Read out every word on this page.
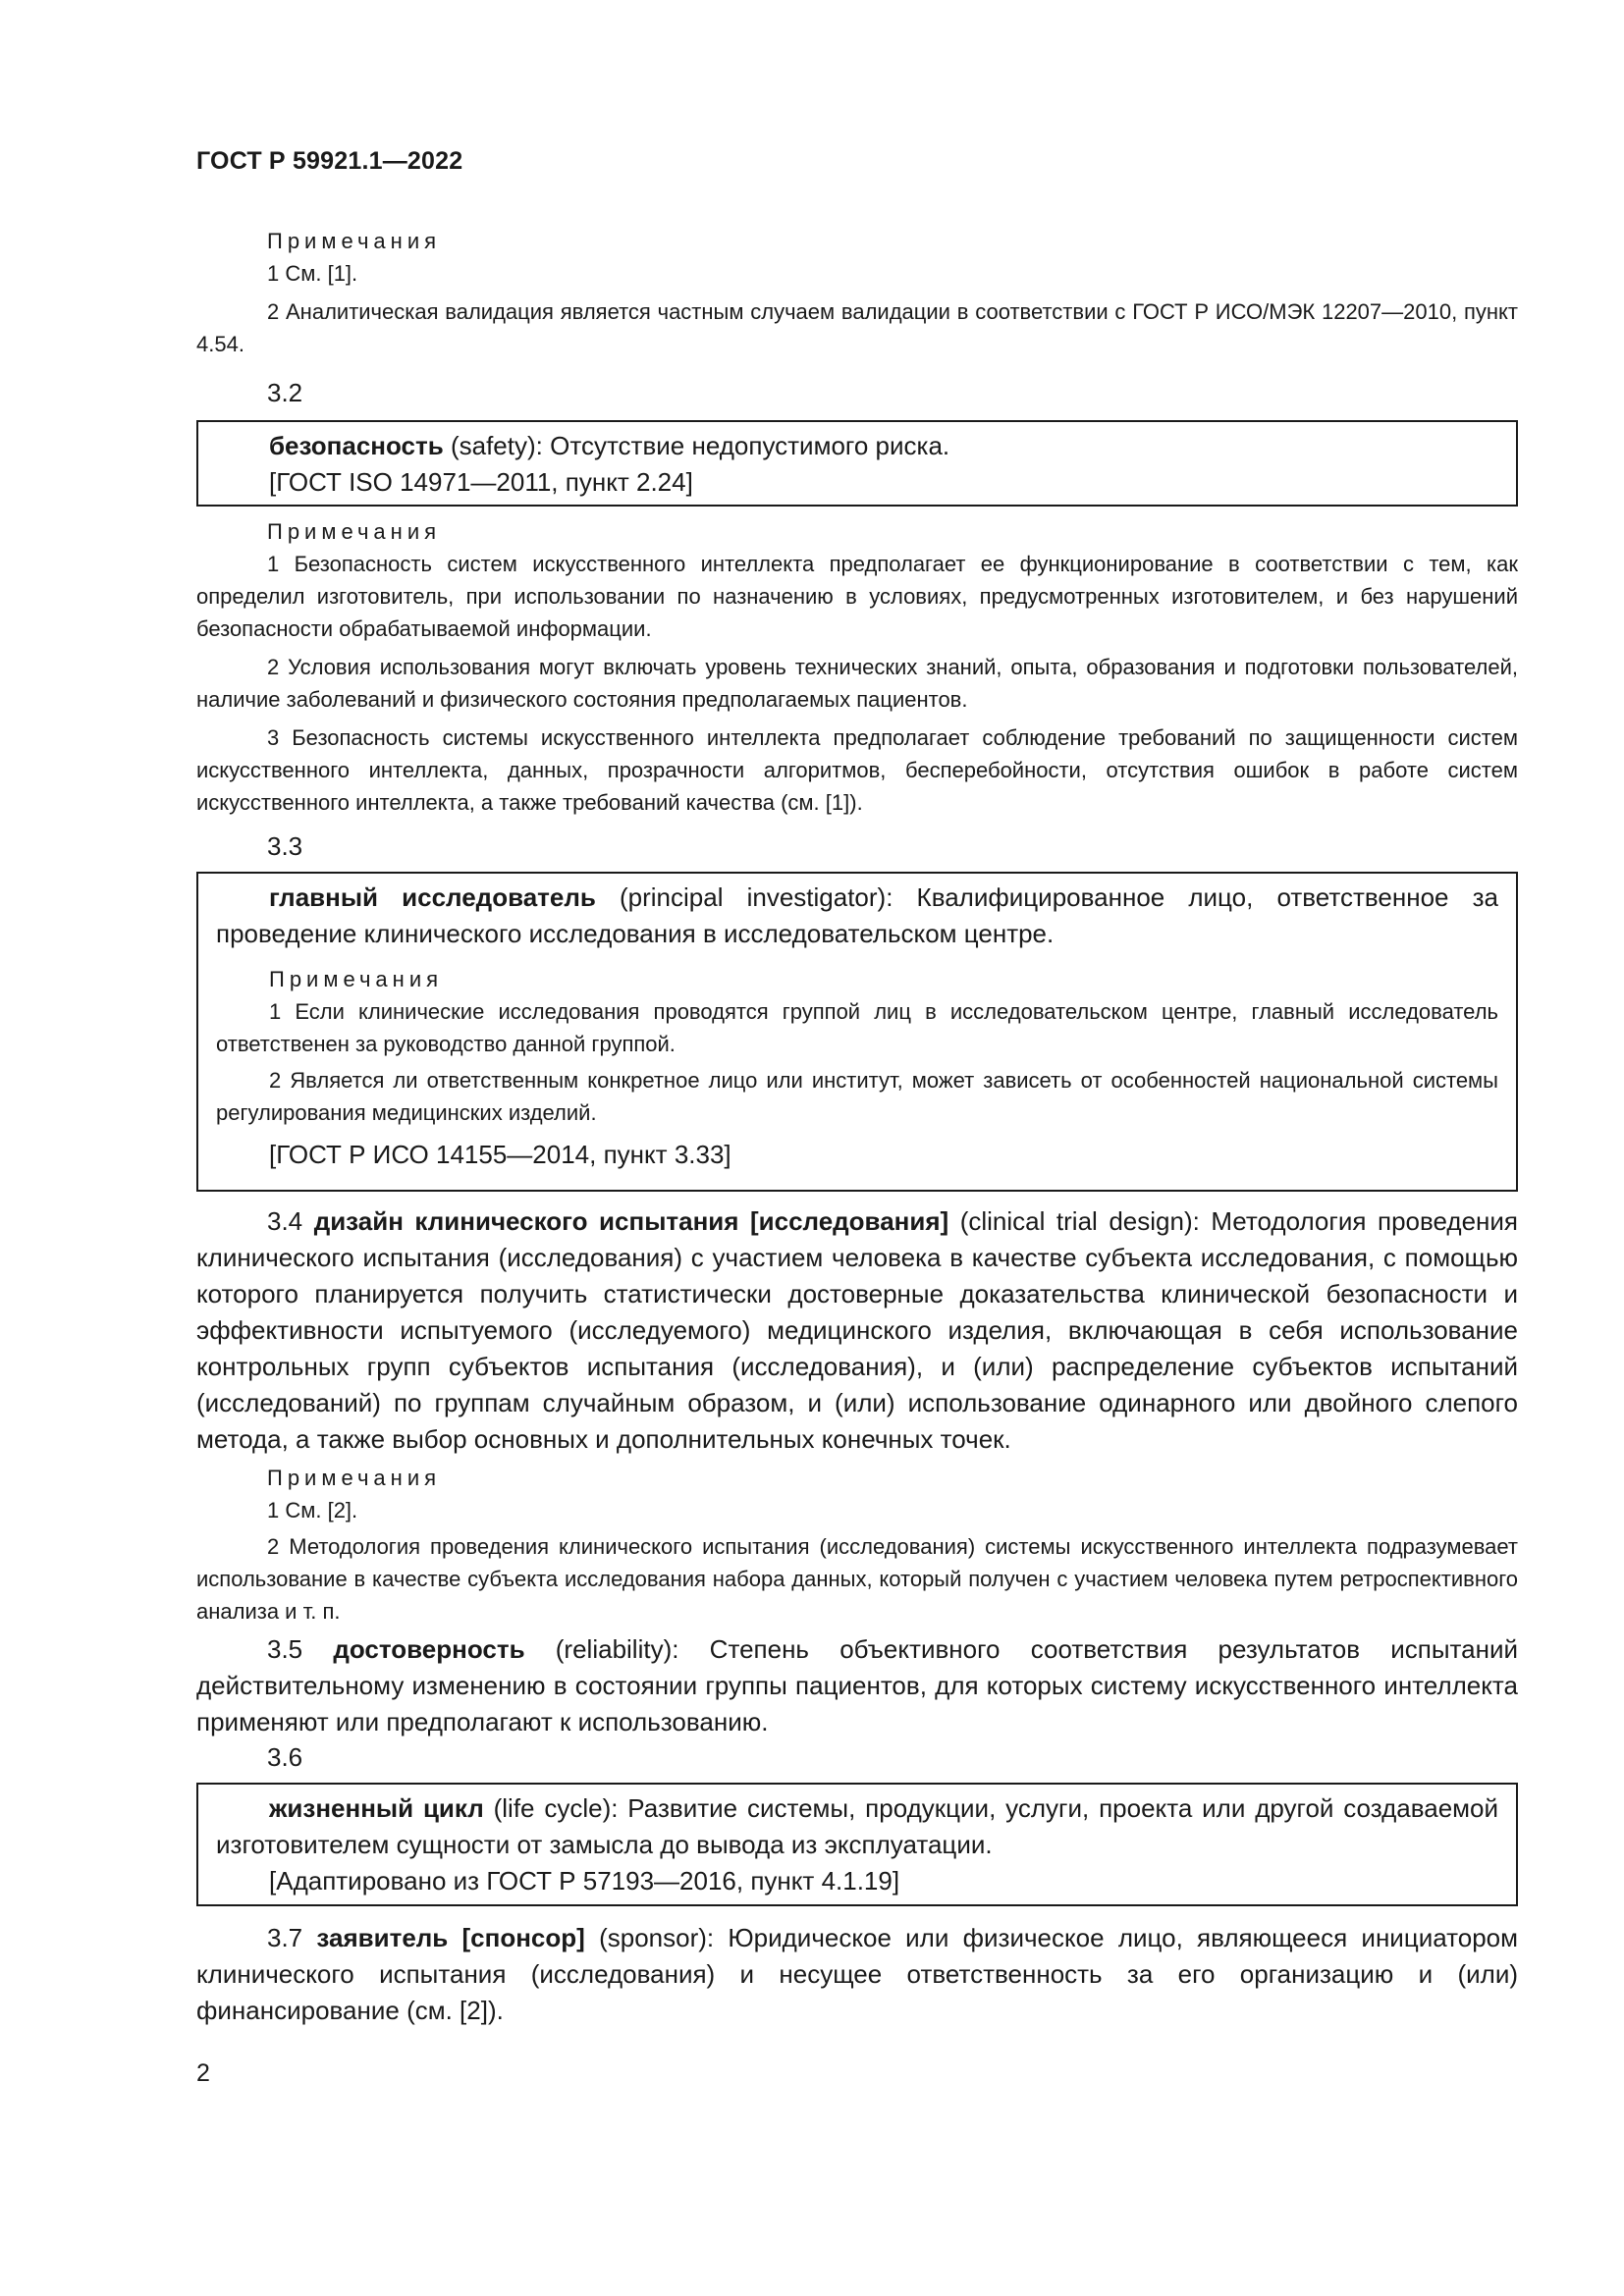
ГОСТ Р 59921.1—2022
Примечания

1 См. [1].

2 Аналитическая валидация является частным случаем валидации в соответствии с ГОСТ Р ИСО/МЭК 12207—2010, пункт 4.54.

3.2

безопасность (safety): Отсутствие недопустимого риска.

[ГОСТ ISO 14971—2011, пункт 2.24]
Примечания

1 Безопасность систем искусственного интеллекта предполагает ее функционирование в соответствии с тем, как определил изготовитель, при использовании по назначению в условиях, предусмотренных изготовителем, и без нарушений безопасности обрабатываемой информации.

2 Условия использования могут включать уровень технических знаний, опыта, образования и подготовки пользователей, наличие заболеваний и физического состояния предполагаемых пациентов.

3 Безопасность системы искусственного интеллекта предполагает соблюдение требований по защищенности систем искусственного интеллекта, данных, прозрачности алгоритмов, бесперебойности, отсутствия ошибок в работе систем искусственного интеллекта, а также требований качества (см. [1]).

3.3

главный исследователь (principal investigator): Квалифицированное лицо, ответственное за проведение клинического исследования в исследовательском центре.

Примечания

1 Если клинические исследования проводятся группой лиц в исследовательском центре, главный исследователь ответственен за руководство данной группой.

2 Является ли ответственным конкретное лицо или институт, может зависеть от особенностей национальной системы регулирования медицинских изделий.

[ГОСТ Р ИСО 14155—2014, пункт 3.33]

3.4 дизайн клинического испытания [исследования] (clinical trial design): Методология проведения клинического испытания (исследования) с участием человека в качестве субъекта исследования, с помощью которого планируется получить статистически достоверные доказательства клинической безопасности и эффективности испытуемого (исследуемого) медицинского изделия, включающая в себя использование контрольных групп субъектов испытания (исследования), и (или) распределение субъектов испытаний (исследований) по группам случайным образом, и (или) использование одинарного или двойного слепого метода, а также выбор основных и дополнительных конечных точек.

Примечания

1 См. [2].

2 Методология проведения клинического испытания (исследования) системы искусственного интеллекта подразумевает использование в качестве субъекта исследования набора данных, который получен с участием человека путем ретроспективного анализа и т. п.

3.5 достоверность (reliability): Степень объективного соответствия результатов испытаний действительному изменению в состоянии группы пациентов, для которых систему искусственного интеллекта применяют или предполагают к использованию.

3.6

жизненный цикл (life cycle): Развитие системы, продукции, услуги, проекта или другой создаваемой изготовителем сущности от замысла до вывода из эксплуатации.

[Адаптировано из ГОСТ Р 57193—2016, пункт 4.1.19]

3.7 заявитель [спонсор] (sponsor): Юридическое или физическое лицо, являющееся инициатором клинического испытания (исследования) и несущее ответственность за его организацию и (или) финансирование (см. [2]).

2
